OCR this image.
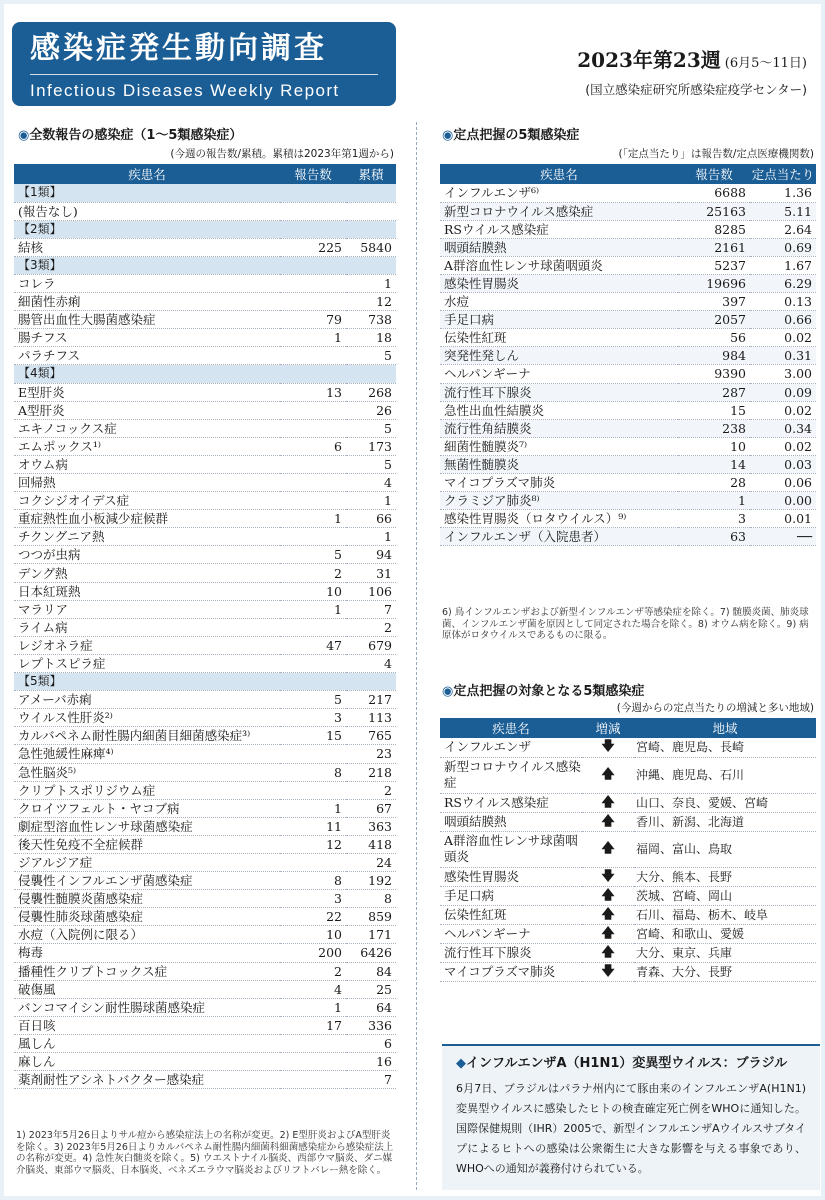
感染症発生動向調査
Infectious Diseases Weekly Report
2023年第23週 (6月5～11日)
(国立感染症研究所感染症疫学センター)
◉全数報告の感染症（1～5類感染症）
(今週の報告数/累積。累積は2023年第1週から)
疾患名	報告数	累積
【1類】		
(報告なし)		
【2類】		
結核	225	5840
【3類】		
コレラ		1
細菌性赤痢		12
腸管出血性大腸菌感染症	79	738
腸チフス	1	18
パラチフス		5
【4類】		
E型肝炎	13	268
A型肝炎		26
エキノコックス症		5
エムポックス¹⁾	6	173
オウム病		5
回帰熱		4
コクシジオイデス症		1
重症熱性血小板減少症候群	1	66
チクングニア熱		1
つつが虫病	5	94
デング熱	2	31
日本紅斑熱	10	106
マラリア	1	7
ライム病		2
レジオネラ症	47	679
レプトスピラ症		4
【5類】		
アメーバ赤痢	5	217
ウイルス性肝炎²⁾	3	113
カルバペネム耐性腸内細菌目細菌感染症³⁾	15	765
急性弛緩性麻痺⁴⁾		23
急性脳炎⁵⁾	8	218
クリプトスポリジウム症		2
クロイツフェルト・ヤコブ病	1	67
劇症型溶血性レンサ球菌感染症	11	363
後天性免疫不全症候群	12	418
ジアルジア症		24
侵襲性インフルエンザ菌感染症	8	192
侵襲性髄膜炎菌感染症	3	8
侵襲性肺炎球菌感染症	22	859
水痘（入院例に限る）	10	171
梅毒	200	6426
播種性クリプトコックス症	2	84
破傷風	4	25
バンコマイシン耐性腸球菌感染症	1	64
百日咳	17	336
風しん		6
麻しん		16
薬剤耐性アシネトバクター感染症		7
1) 2023年5月26日よりサル痘から感染症法上の名称が変更。2) E型肝炎およびA型肝炎を除く。3) 2023年5月26日よりカルバペネム耐性腸内細菌科細菌感染症から感染症法上の名称が変更。4) 急性灰白髄炎を除く。5) ウエストナイル脳炎、西部ウマ脳炎、ダニ媒介脳炎、東部ウマ脳炎、日本脳炎、ベネズエラウマ脳炎およびリフトバレー熱を除く。
◉定点把握の5類感染症
(「定点当たり」は報告数/定点医療機関数)
疾患名	報告数	定点当たり
インフルエンザ⁶⁾	6688	1.36
新型コロナウイルス感染症	25163	5.11
RSウイルス感染症	8285	2.64
咽頭結膜熱	2161	0.69
A群溶血性レンサ球菌咽頭炎	5237	1.67
感染性胃腸炎	19696	6.29
水痘	397	0.13
手足口病	2057	0.66
伝染性紅斑	56	0.02
突発性発しん	984	0.31
ヘルパンギーナ	9390	3.00
流行性耳下腺炎	287	0.09
急性出血性結膜炎	15	0.02
流行性角結膜炎	238	0.34
細菌性髄膜炎⁷⁾	10	0.02
無菌性髄膜炎	14	0.03
マイコプラズマ肺炎	28	0.06
クラミジア肺炎⁸⁾	1	0.00
感染性胃腸炎（ロタウイルス）⁹⁾	3	0.01
インフルエンザ（入院患者）	63	──
6) 鳥インフルエンザおよび新型インフルエンザ等感染症を除く。7) 髄膜炎菌、肺炎球菌、インフルエンザ菌を原因として同定された場合を除く。8) オウム病を除く。9) 病原体がロタウイルスであるものに限る。
◉定点把握の対象となる5類感染症
(今週からの定点当たりの増減と多い地域)
疾患名	増減	地域
インフルエンザ	🡇	宮崎、鹿児島、長崎
新型コロナウイルス感染症	🡅	沖縄、鹿児島、石川
RSウイルス感染症	🡅	山口、奈良、愛媛、宮崎
咽頭結膜熱	🡅	香川、新潟、北海道
A群溶血性レンサ球菌咽頭炎	🡅	福岡、富山、鳥取
感染性胃腸炎	🡇	大分、熊本、長野
手足口病	🡅	茨城、宮崎、岡山
伝染性紅斑	🡅	石川、福島、栃木、岐阜
ヘルパンギーナ	🡅	宮崎、和歌山、愛媛
流行性耳下腺炎	🡅	大分、東京、兵庫
マイコプラズマ肺炎	🡇	青森、大分、長野
◆インフルエンザA（H1N1）変異型ウイルス：ブラジル
6月7日、ブラジルはパラナ州内にて豚由来のインフルエンザA(H1N1) 変異型ウイルスに感染したヒトの検査確定死亡例をWHOに通知した。国際保健規則（IHR）2005で、新型インフルエンザAウイルスサブタイプによるヒトへの感染は公衆衛生に大きな影響を与える事象であり、WHOへの通知が義務付けられている。
